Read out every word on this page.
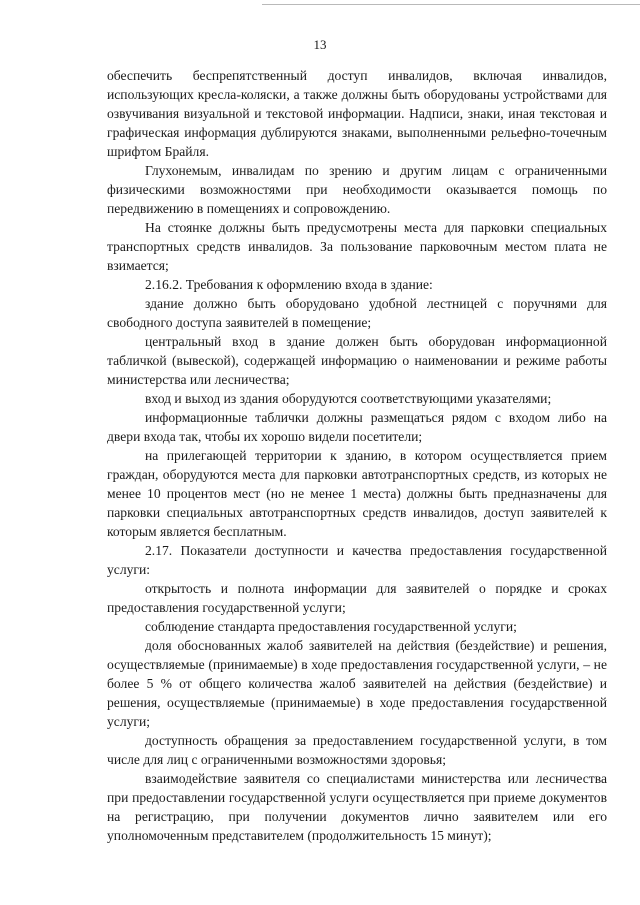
13

обеспечить беспрепятственный доступ инвалидов, включая инвалидов, использующих кресла-коляски, а также должны быть оборудованы устройствами для озвучивания визуальной и текстовой информации. Надписи, знаки, иная текстовая и графическая информация дублируются знаками, выполненными рельефно-точечным шрифтом Брайля.

Глухонемым, инвалидам по зрению и другим лицам с ограниченными физическими возможностями при необходимости оказывается помощь по передвижению в помещениях и сопровождению.

На стоянке должны быть предусмотрены места для парковки специальных транспортных средств инвалидов. За пользование парковочным местом плата не взимается;

2.16.2. Требования к оформлению входа в здание:

здание должно быть оборудовано удобной лестницей с поручнями для свободного доступа заявителей в помещение;

центральный вход в здание должен быть оборудован информационной табличкой (вывеской), содержащей информацию о наименовании и режиме работы министерства или лесничества;

вход и выход из здания оборудуются соответствующими указателями;

информационные таблички должны размещаться рядом с входом либо на двери входа так, чтобы их хорошо видели посетители;

на прилегающей территории к зданию, в котором осуществляется прием граждан, оборудуются места для парковки автотранспортных средств, из которых не менее 10 процентов мест (но не менее 1 места) должны быть предназначены для парковки специальных автотранспортных средств инвалидов, доступ заявителей к которым является бесплатным.

2.17. Показатели доступности и качества предоставления государственной услуги:

открытость и полнота информации для заявителей о порядке и сроках предоставления государственной услуги;

соблюдение стандарта предоставления государственной услуги;

доля обоснованных жалоб заявителей на действия (бездействие) и решения, осуществляемые (принимаемые) в ходе предоставления государственной услуги, – не более 5 % от общего количества жалоб заявителей на действия (бездействие) и решения, осуществляемые (принимаемые) в ходе предоставления государственной услуги;

доступность обращения за предоставлением государственной услуги, в том числе для лиц с ограниченными возможностями здоровья;

взаимодействие заявителя со специалистами министерства или лесничества при предоставлении государственной услуги осуществляется при приеме документов на регистрацию, при получении документов лично заявителем или его уполномоченным представителем (продолжительность 15 минут);
